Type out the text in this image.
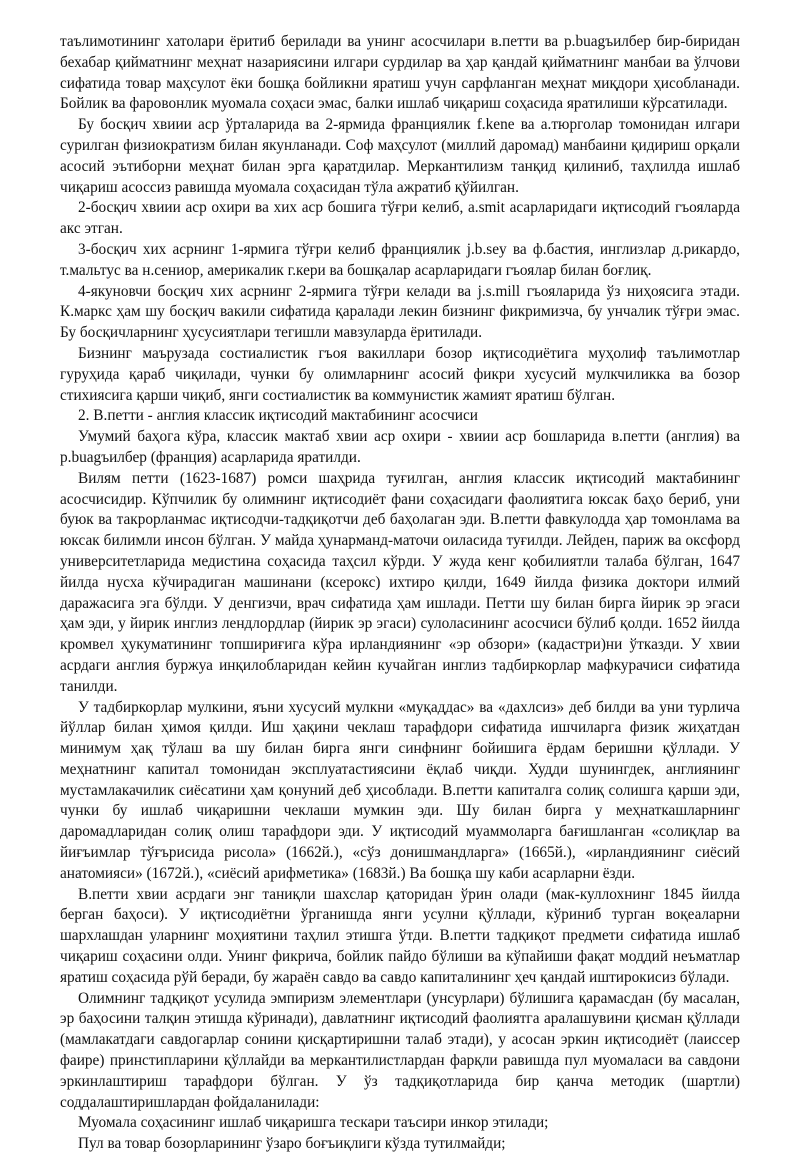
таълимотининг хатолари ёритиб берилади ва унинг асосчилари в.петти ва p.buagъилбер бир-биридан бехабар қийматнинг меҳнат назариясини илгари сурдилар ва ҳар қандай қийматнинг манбаи ва ўлчови сифатида товар маҳсулот ёки бошқа бойликни яратиш учун сарфланган меҳнат миқдори ҳисобланади. Бойлик ва фаровонлик муомала соҳаси эмас, балки ишлаб чиқариш соҳасида яратилиши кўрсатилади.

Бу босқич хвиии аср ўрталарида ва 2-ярмида франциялик f.kene ва а.тюрголар томонидан илгари сурилган физиократизм билан якунланади. Соф маҳсулот (миллий даромад) манбаини қидириш орқали асосий эътиборни меҳнат билан эрга қаратдилар. Меркантилизм танқид қилиниб, таҳлилда ишлаб чиқариш асоссиз равишда муомала соҳасидан тўла ажратиб қўйилган.

2-босқич хвиии аср охири ва хих аср бошига тўғри келиб, a.smit асарларидаги иқтисодий гъояларда акс этган.

3-босқич хих асрнинг 1-ярмига тўғри келиб франциялик j.b.sey ва ф.бастия, инглизлар д.рикардо, т.мальтус ва н.сениор, америкалик г.кери ва бошқалар асарларидаги гъоялар билан боғлиқ.

4-якуновчи босқич хих асрнинг 2-ярмига тўғри келади ва j.s.mill гъояларида ўз ниҳоясига этади. К.маркс ҳам шу босқич вакили сифатида қаралади лекин бизнинг фикримизча, бу унчалик тўғри эмас. Бу босқичларнинг ҳусусиятлари тегишли мавзуларда ёритилади.

Бизнинг маърузада состиалистик гъоя вакиллари бозор иқтисодиётига муҳолиф таълимотлар гуруҳида қараб чиқилади, чунки бу олимларнинг асосий фикри хусусий мулкчиликка ва бозор стихиясига қарши чиқиб, янги состиалистик ва коммунистик жамият яратиш бўлган.

2. В.петти - англия классик иқтисодий мактабининг асосчиси

Умумий баҳога кўра, классик мактаб хвии аср охири - хвиии аср бошларида в.петти (англия) ва p.buagъилбер (франция) асарларида яратилди.

Вилям петти (1623-1687) ромси шаҳрида туғилган, англия классик иқтисодий мактабининг асосчисидир. Кўпчилик бу олимнинг иқтисодиёт фани соҳасидаги фаолиятига юксак баҳо бериб, уни буюк ва такрорланмас иқтисодчи-тадқиқотчи деб баҳолаган эди. В.петти фавкулодда ҳар томонлама ва юксак билимли инсон бўлган. У майда ҳунарманд-маточи оиласида туғилди. Лейден, париж ва оксфорд университетларида медистина соҳасида таҳсил кўрди. У жуда кенг қобилиятли талаба бўлган, 1647 йилда нусха кўчирадиган машинани (ксерокс) ихтиро қилди, 1649 йилда физика доктори илмий даражасига эга бўлди. У денгизчи, врач сифатида ҳам ишлади. Петти шу билан бирга йирик эр эгаси ҳам эди, у йирик инглиз лендлордлар (йирик эр эгаси) сулоласининг асосчиси бўлиб қолди. 1652 йилда кромвел ҳукуматининг топшириғига кўра ирландиянинг «эр обзори» (кадастри)ни ўтказди. У хвии асрдаги англия буржуа инқилобларидан кейин кучайган инглиз тадбиркорлар мафкурачиси сифатида танилди.

У тадбиркорлар мулкини, яъни хусусий мулкни «муқаддас» ва «дахлсиз» деб билди ва уни турлича йўллар билан ҳимоя қилди. Иш ҳақини чеклаш тарафдори сифатида ишчиларга физик жиҳатдан минимум ҳақ тўлаш ва шу билан бирга янги синфнинг бойишига ёрдам беришни қўллади. У меҳнатнинг капитал томонидан эксплуатастиясини ёқлаб чиқди. Худди шунингдек, англиянинг мустамлакачилик сиёсатини ҳам қонуний деб ҳисоблади. В.петти капиталга солиқ солишга қарши эди, чунки бу ишлаб чиқаришни чеклаши мумкин эди. Шу билан бирга у меҳнаткашларнинг даромадларидан солиқ олиш тарафдори эди. У иқтисодий муаммоларга бағишланган «солиқлар ва йиғъимлар тўғърисида рисола» (1662й.), «сўз донишмандларга» (1665й.), «ирландиянинг сиёсий анатомияси» (1672й.), «сиёсий арифметика» (1683й.) Ва бошқа шу каби асарларни ёзди.

В.петти хвии асрдаги энг таниқли шахслар қаторидан ўрин олади (мак-куллохнинг 1845 йилда берган баҳоси). У иқтисодиётни ўрганишда янги усулни қўллади, кўриниб турган воқеаларни шархлашдан уларнинг моҳиятини таҳлил этишга ўтди. В.петти тадқиқот предмети сифатида ишлаб чиқариш соҳасини олди. Унинг фикрича, бойлик пайдо бўлиши ва кўпайиши фақат моддий неъматлар яратиш соҳасида рўй беради, бу жараён савдо ва савдо капиталининг ҳеч қандай иштирокисиз бўлади.

Олимнинг тадқиқот усулида эмпиризм элементлари (унсурлари) бўлишига қарамасдан (бу масалан, эр баҳосини талқин этишда кўринади), давлатнинг иқтисодий фаолиятга аралашувини қисман қўллади (мамлакатдаги савдогарлар сонини қисқартиришни талаб этади), у асосан эркин иқтисодиёт (лаиссер фаире) принстипларини қўллайди ва меркантилистлардан фарқли равишда пул муомаласи ва савдони эркинлаштириш тарафдори бўлган. У ўз тадқиқотларида бир қанча методик (шартли) соддалаштиришлардан фойдаланилади:

Муомала соҳасининг ишлаб чиқаришга тескари таъсири инкор этилади;

Пул ва товар бозорларининг ўзаро боғъиқлиги кўзда тутилмайди;
